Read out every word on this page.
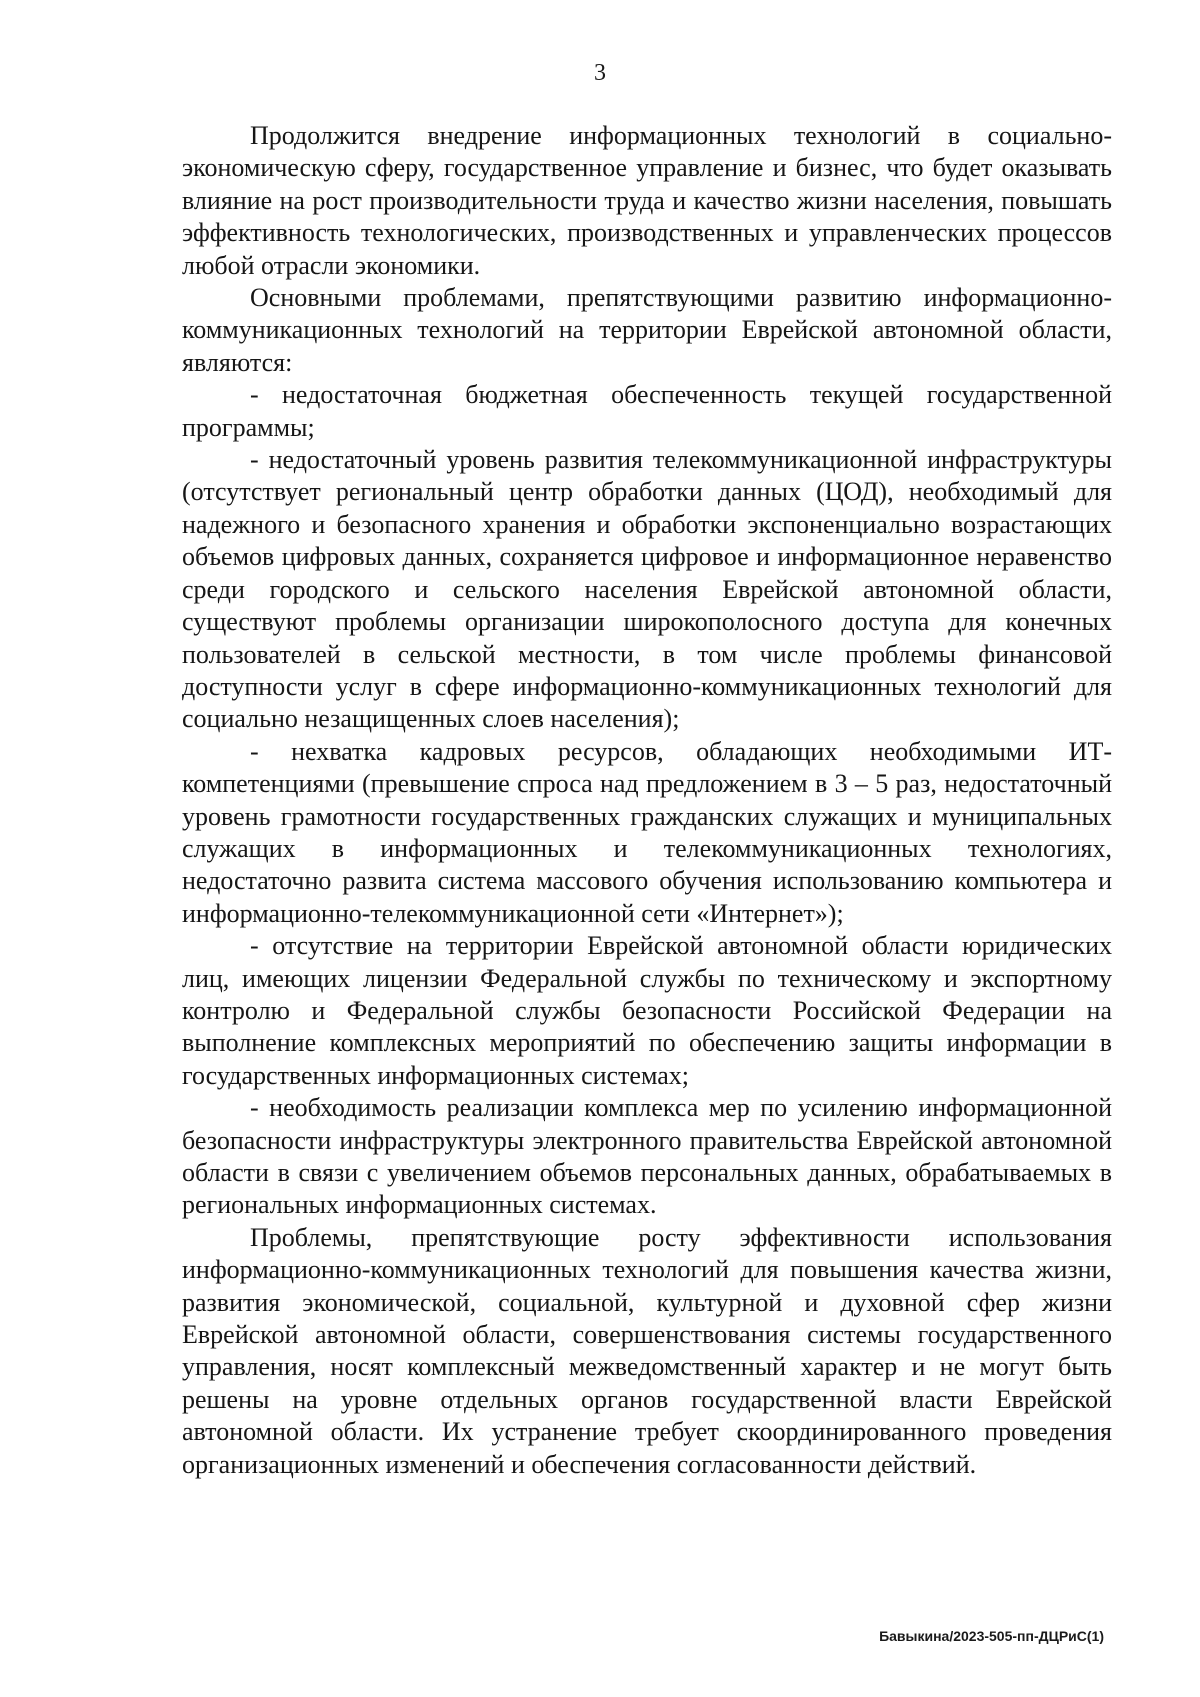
3

Продолжится внедрение информационных технологий в социально-экономическую сферу, государственное управление и бизнес, что будет оказывать влияние на рост производительности труда и качество жизни населения, повышать эффективность технологических, производственных и управленческих процессов любой отрасли экономики.

Основными проблемами, препятствующими развитию информационно-коммуникационных технологий на территории Еврейской автономной области, являются:

- недостаточная бюджетная обеспеченность текущей государственной программы;

- недостаточный уровень развития телекоммуникационной инфраструктуры (отсутствует региональный центр обработки данных (ЦОД), необходимый для надежного и безопасного хранения и обработки экспоненциально возрастающих объемов цифровых данных, сохраняется цифровое и информационное неравенство среди городского и сельского населения Еврейской автономной области, существуют проблемы организации широкополосного доступа для конечных пользователей в сельской местности, в том числе проблемы финансовой доступности услуг в сфере информационно-коммуникационных технологий для социально незащищенных слоев населения);

- нехватка кадровых ресурсов, обладающих необходимыми ИТ-компетенциями (превышение спроса над предложением в 3 – 5 раз, недостаточный уровень грамотности государственных гражданских служащих и муниципальных служащих в информационных и телекоммуникационных технологиях, недостаточно развита система массового обучения использованию компьютера и информационно-телекоммуникационной сети «Интернет»);

- отсутствие на территории Еврейской автономной области юридических лиц, имеющих лицензии Федеральной службы по техническому и экспортному контролю и Федеральной службы безопасности Российской Федерации на выполнение комплексных мероприятий по обеспечению защиты информации в государственных информационных системах;

- необходимость реализации комплекса мер по усилению информационной безопасности инфраструктуры электронного правительства Еврейской автономной области в связи с увеличением объемов персональных данных, обрабатываемых в региональных информационных системах.

Проблемы, препятствующие росту эффективности использования информационно-коммуникационных технологий для повышения качества жизни, развития экономической, социальной, культурной и духовной сфер жизни Еврейской автономной области, совершенствования системы государственного управления, носят комплексный межведомственный характер и не могут быть решены на уровне отдельных органов государственной власти Еврейской автономной области. Их устранение требует скоординированного проведения организационных изменений и обеспечения согласованности действий.

Бавыкина/2023-505-пп-ДЦРиС(1)
